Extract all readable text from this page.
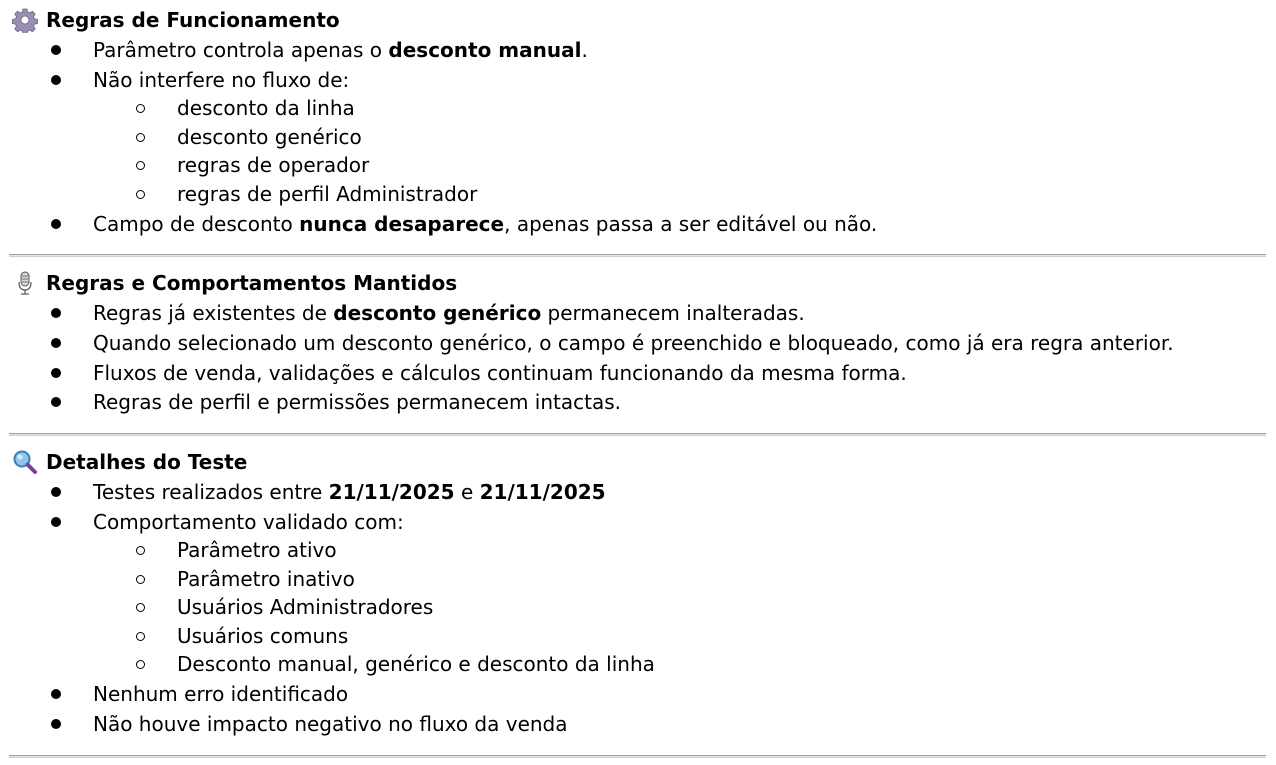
Regras de Funcionamento
Parâmetro controla apenas o desconto manual.
Não interfere no fluxo de:
desconto da linha
desconto genérico
regras de operador
regras de perfil Administrador
Campo de desconto nunca desaparece, apenas passa a ser editável ou não.
Regras e Comportamentos Mantidos
Regras já existentes de desconto genérico permanecem inalteradas.
Quando selecionado um desconto genérico, o campo é preenchido e bloqueado, como já era regra anterior.
Fluxos de venda, validações e cálculos continuam funcionando da mesma forma.
Regras de perfil e permissões permanecem intactas.
Detalhes do Teste
Testes realizados entre 21/11/2025 e 21/11/2025
Comportamento validado com:
Parâmetro ativo
Parâmetro inativo
Usuários Administradores
Usuários comuns
Desconto manual, genérico e desconto da linha
Nenhum erro identificado
Não houve impacto negativo no fluxo da venda
